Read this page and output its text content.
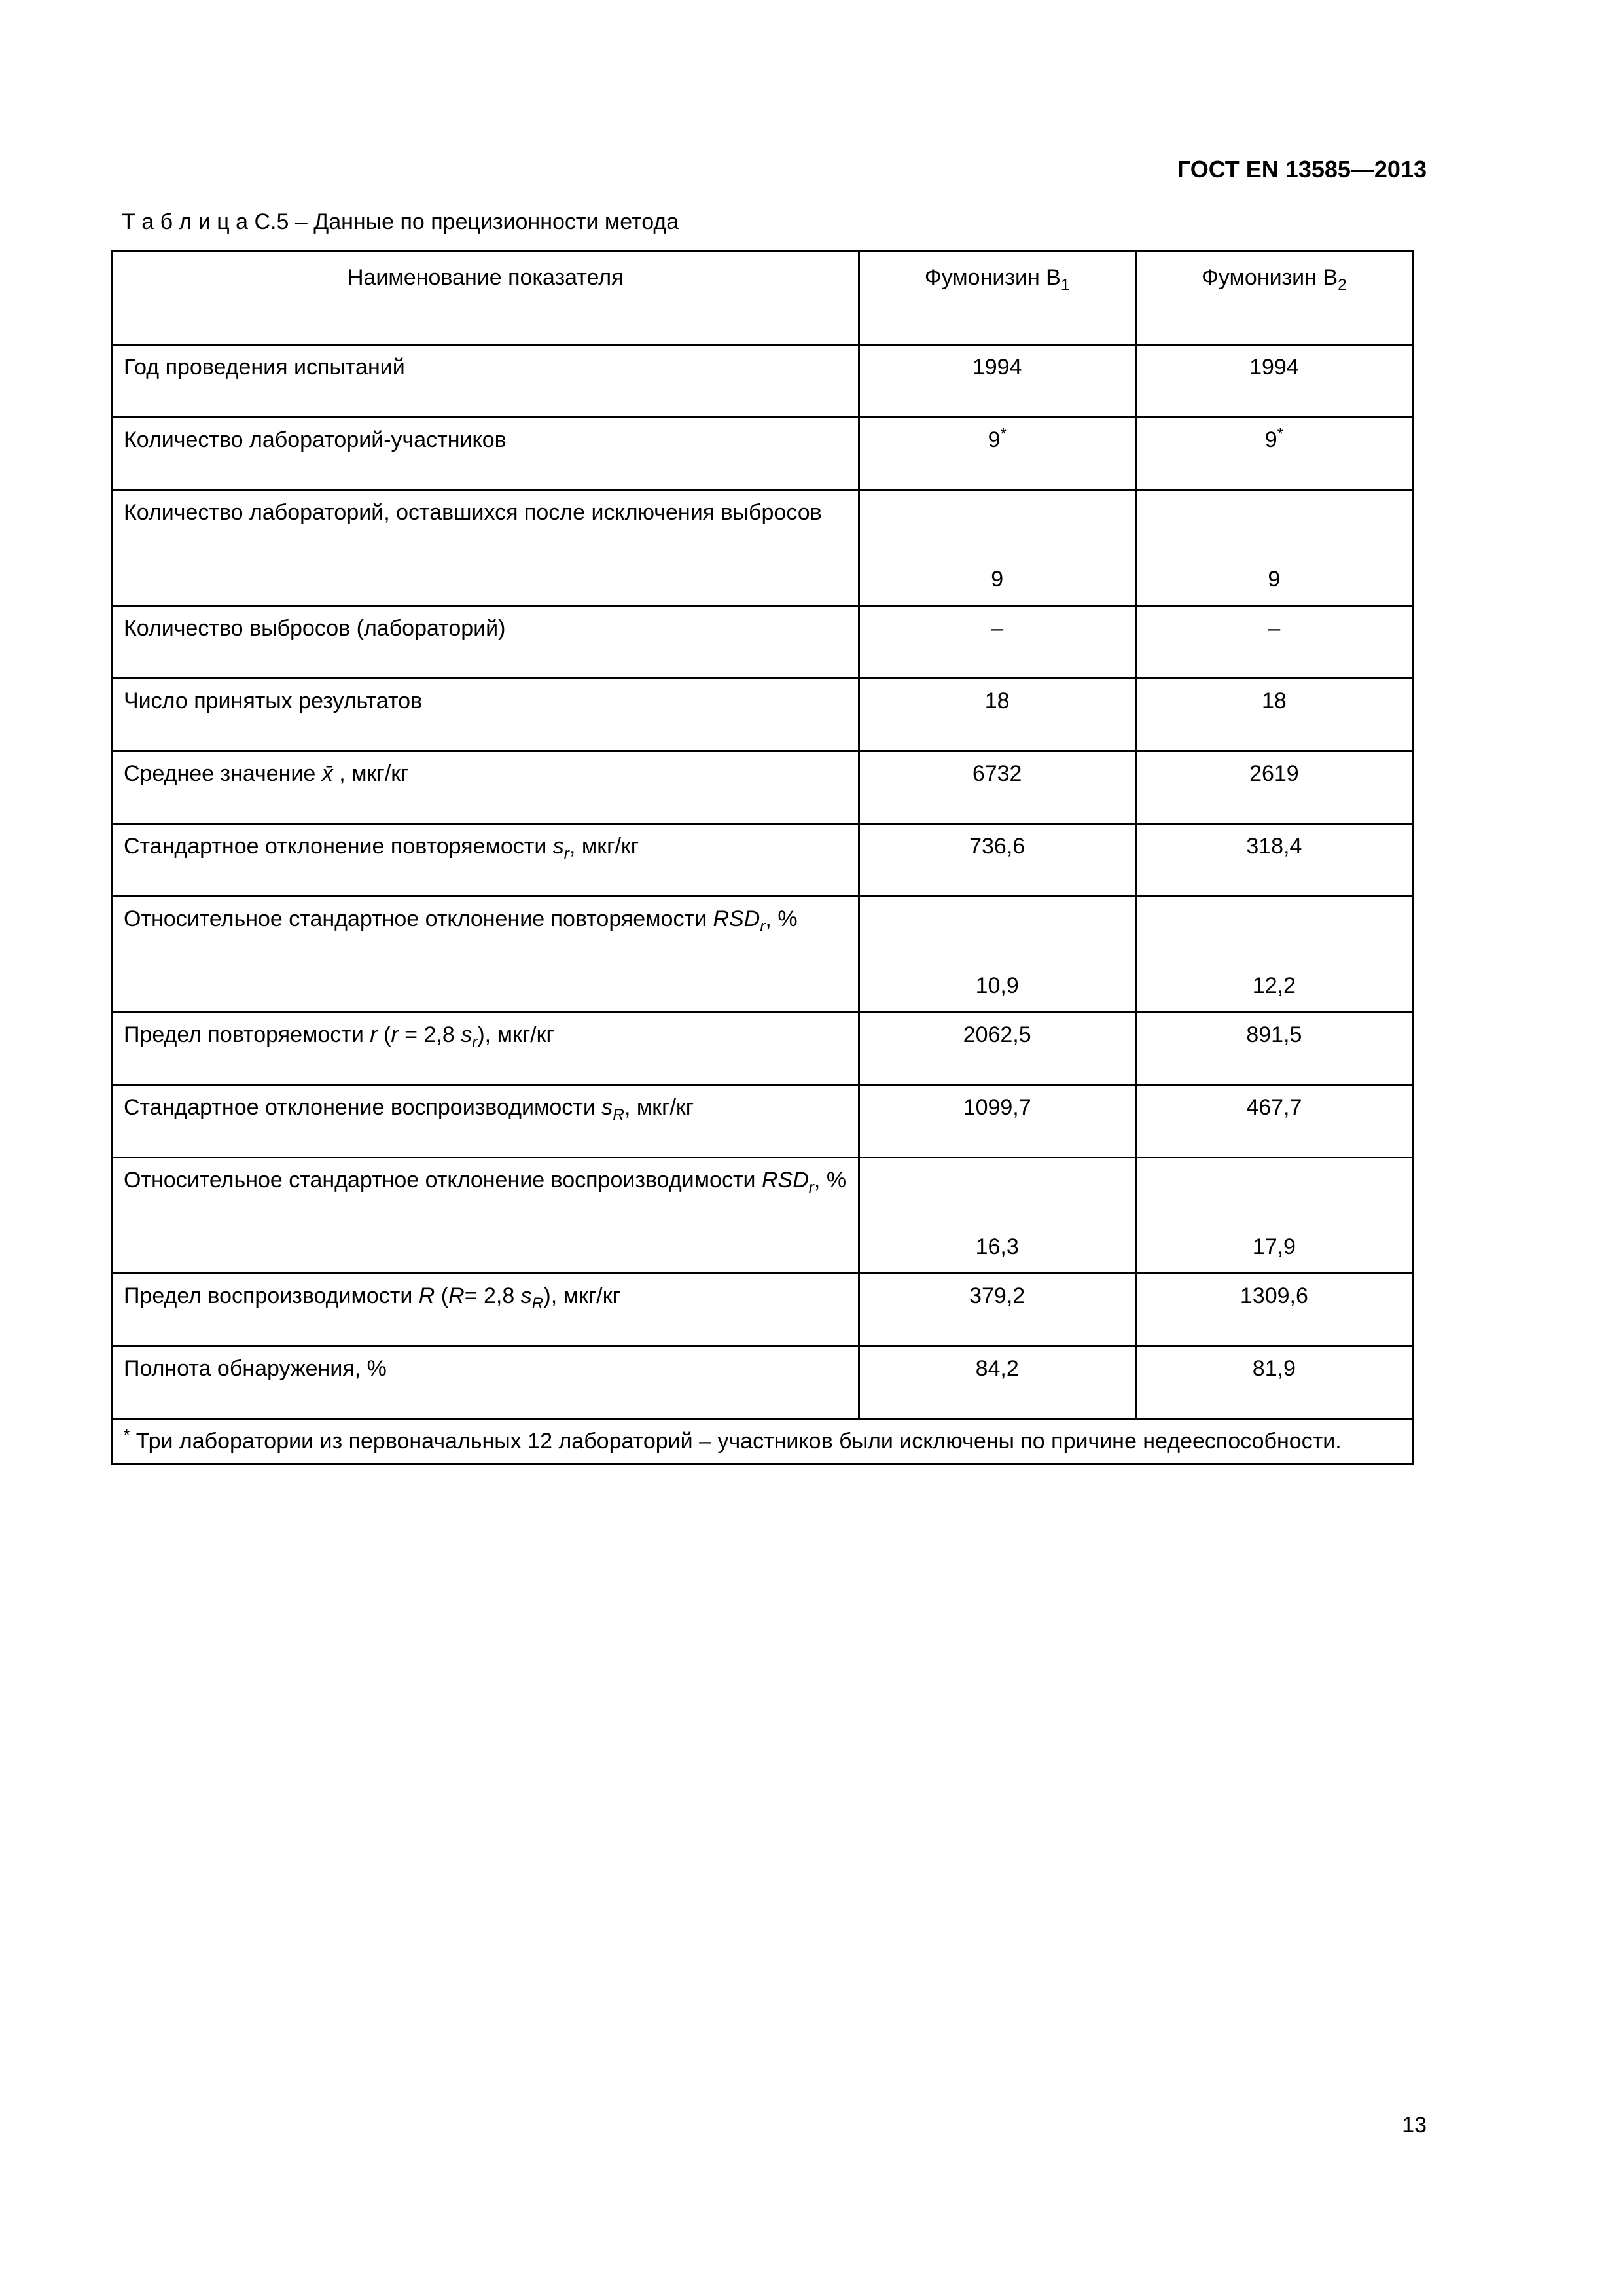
ГОСТ EN 13585—2013
Т а б л и ц а С.5 – Данные по прецизионности метода
Наименование показателя	Фумонизин $В_1$	Фумонизин $В_2$
Год проведения испытаний	1994	1994
Количество лабораторий-участников	9*	9*
Количество лабораторий, оставшихся после исключения выбросов	9	9
Количество выбросов (лабораторий)	–	–
Число принятых результатов	18	18
Среднее значение x̄ , мкг/кг	6732	2619
Стандартное отклонение повторяемости $s_r$, мкг/кг	736,6	318,4
Относительное стандартное отклонение повторяемости $RSD_r$, %	10,9	12,2
Предел повторяемости r (r = 2,8 $s_r$), мкг/кг	2062,5	891,5
Стандартное отклонение воспроизводимости $s_R$, мкг/кг	1099,7	467,7
Относительное стандартное отклонение воспроизводимости $RSD_r$, %	16,3	17,9
Предел воспроизводимости R (R= 2,8 $s_R$), мкг/кг	379,2	1309,6
Полнота обнаружения, %	84,2	81,9
* Три лаборатории из первоначальных 12 лабораторий – участников были исключены по причине недееспособности.		
13
